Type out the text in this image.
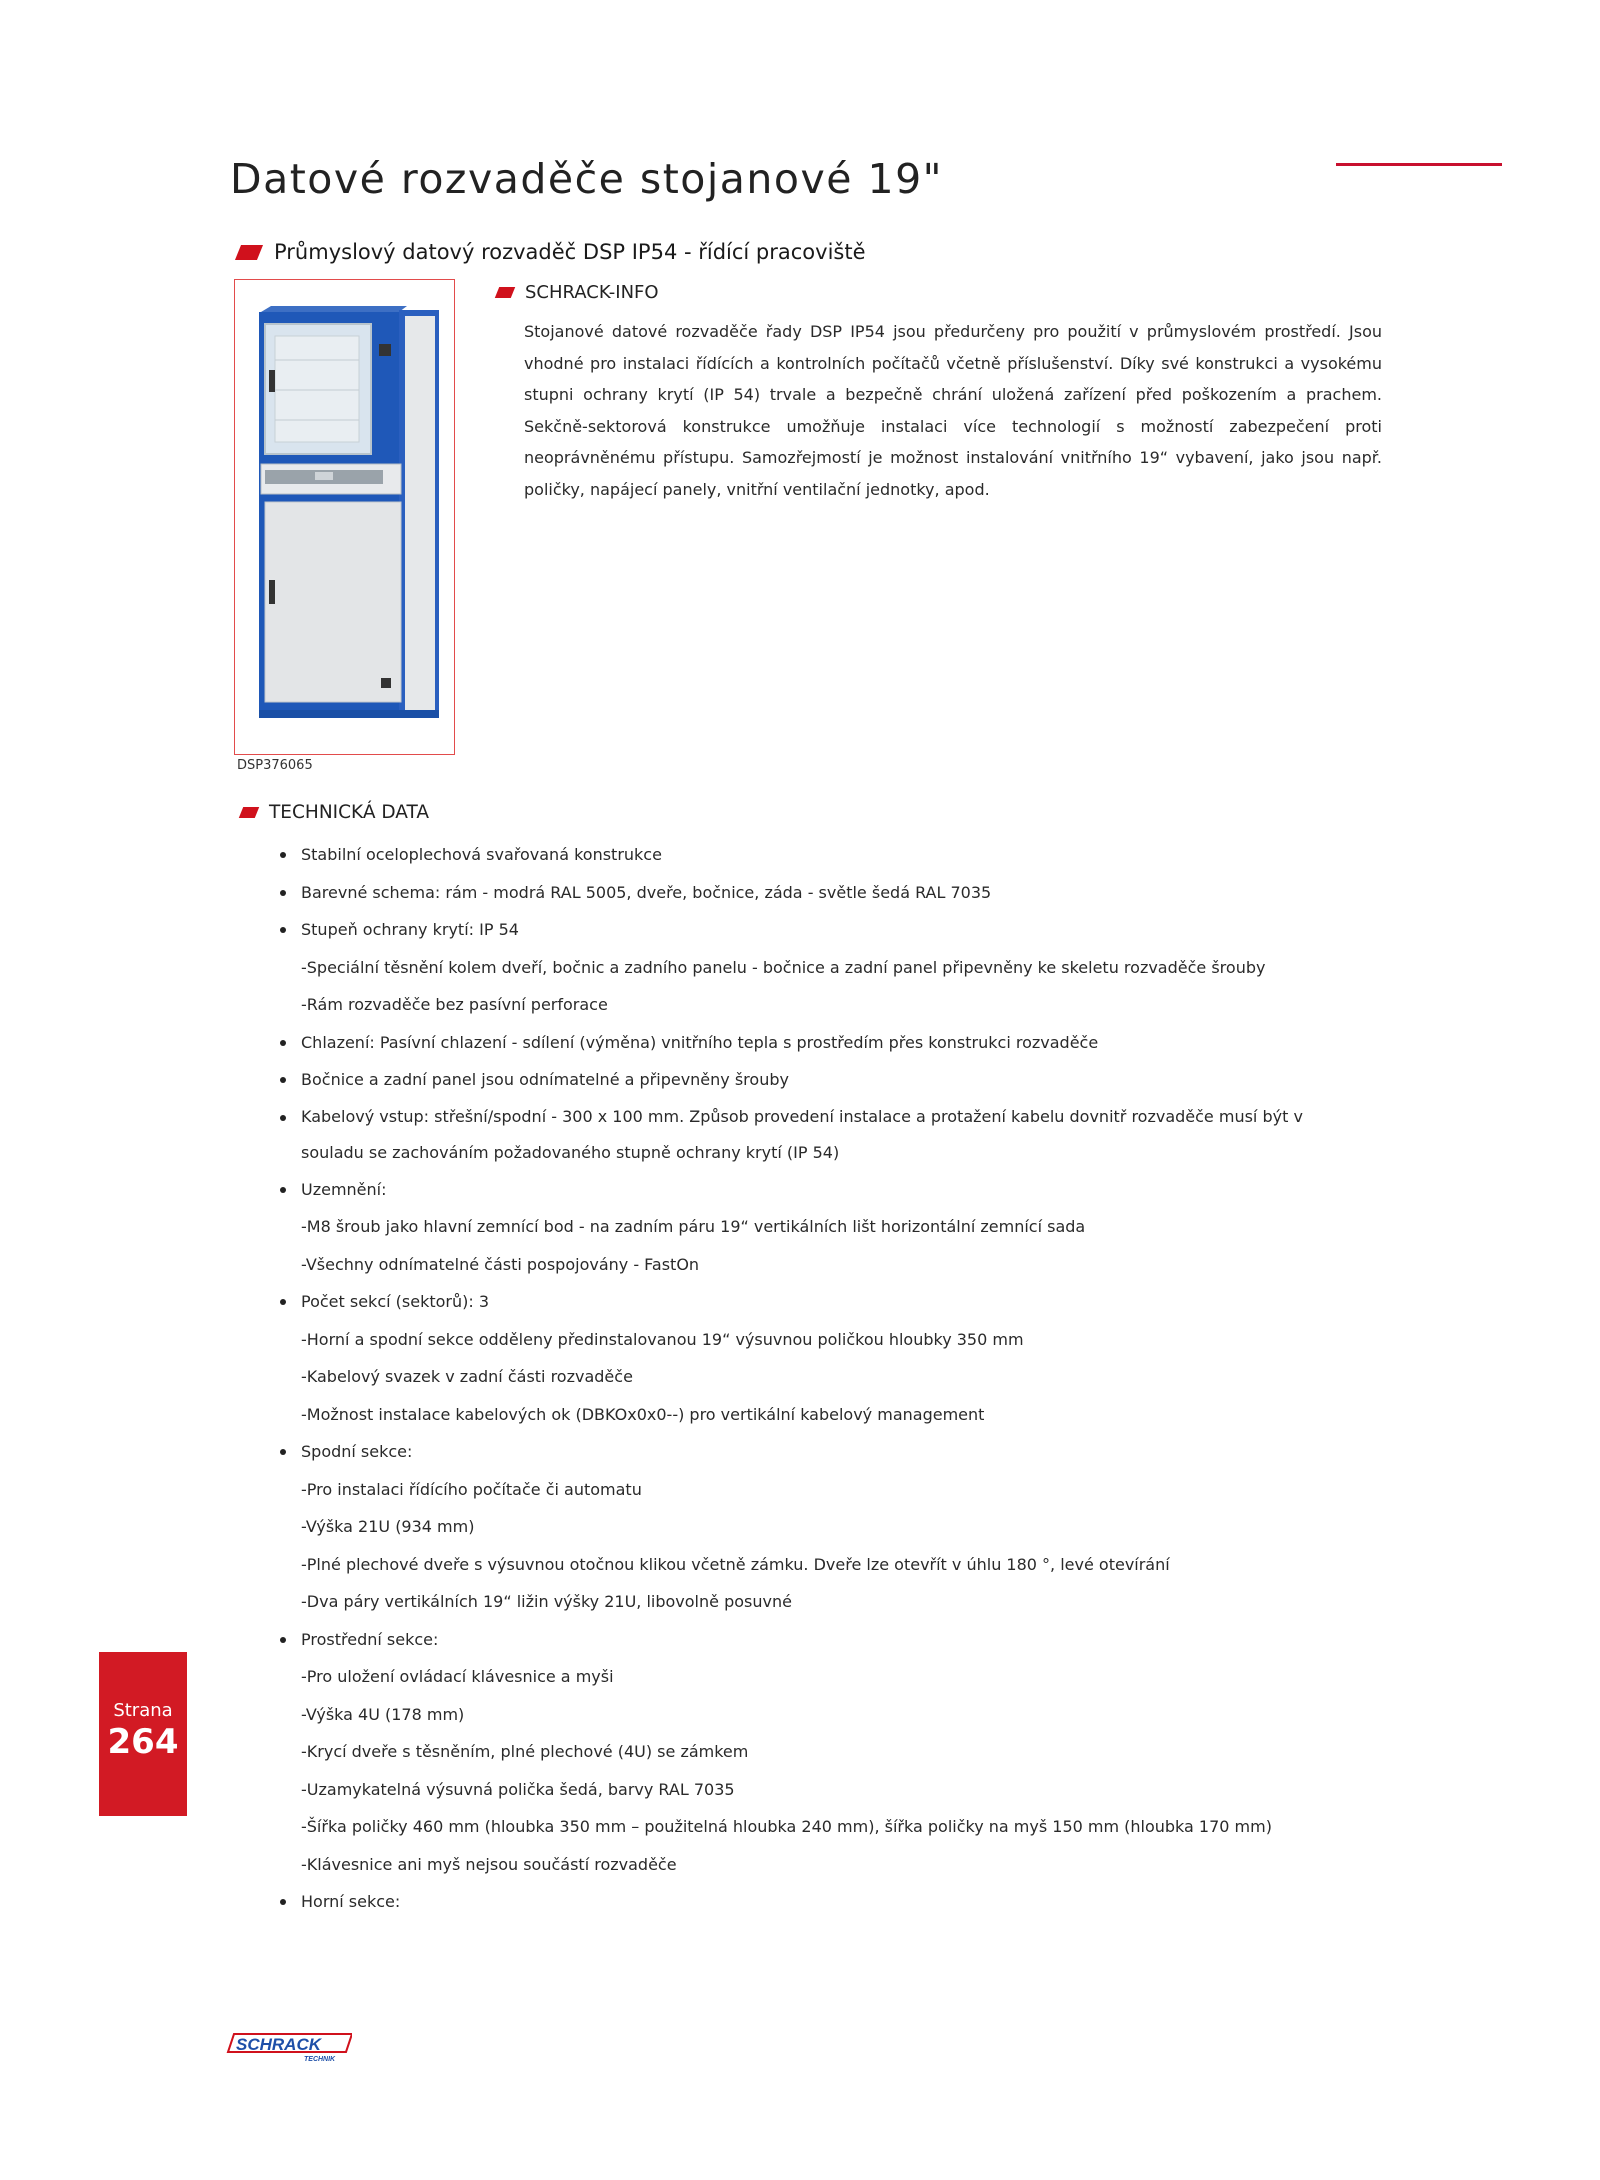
Datové rozvaděče stojanové 19"
Průmyslový datový rozvaděč DSP IP54 - řídící pracoviště
DSP376065
SCHRACK-INFO
Stojanové datové rozvaděče řady DSP IP54 jsou předurčeny pro použití v průmyslovém prostředí. Jsou vhodné pro instalaci řídících a kontrolních počítačů včetně příslušenství. Díky své konstrukci a vysokému stupni ochrany krytí (IP 54) trvale a bezpečně chrání uložená zařízení před poškozením a prachem. Sekčně-sektorová konstrukce umožňuje instalaci více technologií s možností zabezpečení proti neoprávněnému přístupu. Samozřejmostí je možnost instalování vnitřního 19“ vybavení, jako jsou např. poličky, napájecí panely, vnitřní ventilační jednotky, apod.
TECHNICKÁ DATA
Stabilní oceloplechová svařovaná konstrukce
Barevné schema: rám - modrá RAL 5005, dveře, bočnice, záda - světle šedá RAL 7035
Stupeň ochrany krytí: IP 54
-Speciální těsnění kolem dveří, bočnic a zadního panelu - bočnice a zadní panel připevněny ke skeletu rozvaděče šrouby
-Rám rozvaděče bez pasívní perforace
Chlazení: Pasívní chlazení - sdílení (výměna) vnitřního tepla s prostředím přes konstrukci rozvaděče
Bočnice a zadní panel jsou odnímatelné a připevněny šrouby
Kabelový vstup: střešní/spodní - 300 x 100 mm. Způsob provedení instalace a protažení kabelu dovnitř rozvaděče musí být v souladu se zachováním požadovaného stupně ochrany krytí (IP 54)
Uzemnění:
-M8 šroub jako hlavní zemnící bod - na zadním páru 19“ vertikálních lišt horizontální zemnící sada
-Všechny odnímatelné části pospojovány - FastOn
Počet sekcí (sektorů): 3
-Horní a spodní sekce odděleny předinstalovanou 19“ výsuvnou poličkou hloubky 350 mm
-Kabelový svazek v zadní části rozvaděče
-Možnost instalace kabelových ok (DBKOx0x0--) pro vertikální kabelový management
Spodní sekce:
-Pro instalaci řídícího počítače či automatu
-Výška 21U (934 mm)
-Plné plechové dveře s výsuvnou otočnou klikou včetně zámku. Dveře lze otevřít v úhlu 180 °, levé otevírání
-Dva páry vertikálních 19“ ližin výšky 21U, libovolně posuvné
Prostřední sekce:
-Pro uložení ovládací klávesnice a myši
-Výška 4U (178 mm)
-Krycí dveře s těsněním, plné plechové (4U) se zámkem
-Uzamykatelná výsuvná polička šedá, barvy RAL 7035
-Šířka poličky 460 mm (hloubka 350 mm – použitelná hloubka 240 mm), šířka poličky na myš 150 mm (hloubka 170 mm)
-Klávesnice ani myš nejsou součástí rozvaděče
Horní sekce:
Strana
264
SCHRACK
TECHNIK
